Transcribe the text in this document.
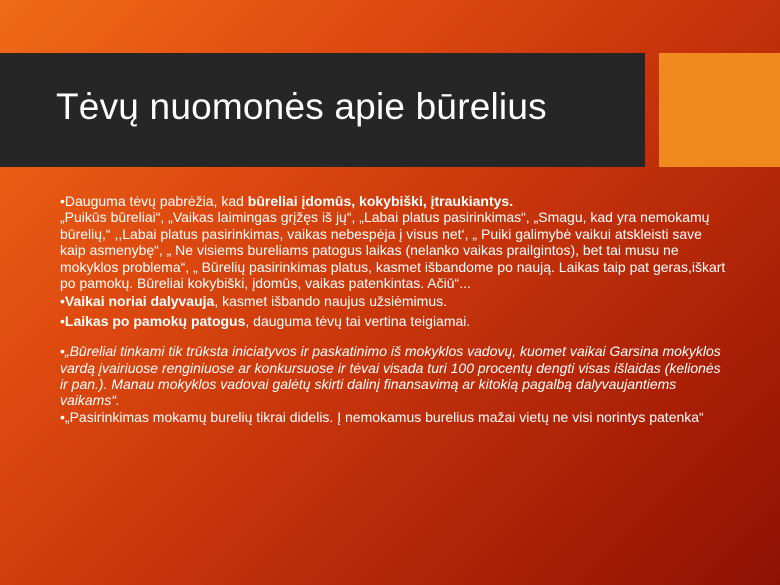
Tėvų nuomonės apie būrelius

•Dauguma tėvų pabrėžia, kad būreliai įdomūs, kokybiški, įtraukiantys.
„Puikūs būreliai“, „Vaikas laimingas grįžęs iš jų“, „Labai platus pasirinkimas“, „Smagu, kad yra nemokamų būrelių,“ ,,Labai platus pasirinkimas, vaikas nebespėja į visus net‘, „ Puiki galimybė vaikui atskleisti save kaip asmenybę“, „ Ne visiems bureliams patogus laikas (nelanko vaikas prailgintos), bet tai musu ne mokyklos problema“, „ Būrelių pasirinkimas platus, kasmet išbandome po naują. Laikas taip pat geras,iškart po pamokų. Būreliai kokybiški, įdomūs, vaikas patenkintas. Ačiū“...

•Vaikai noriai dalyvauja, kasmet išbando naujus užsiėmimus.

•Laikas po pamokų patogus, dauguma tėvų tai vertina teigiamai.

•„Būreliai tinkami tik trūksta iniciatyvos ir paskatinimo iš mokyklos vadovų, kuomet vaikai Garsina mokyklos vardą įvairiuose renginiuose ar konkursuose ir tėvai visada turi 100 procentų dengti visas išlaidas (kelionės ir pan.). Manau mokyklos vadovai galėtų skirti dalinį finansavimą ar kitokią pagalbą dalyvaujantiems vaikams“.

•„Pasirinkimas mokamų burelių tikrai didelis. Į nemokamus burelius mažai vietų ne visi norintys patenka“
